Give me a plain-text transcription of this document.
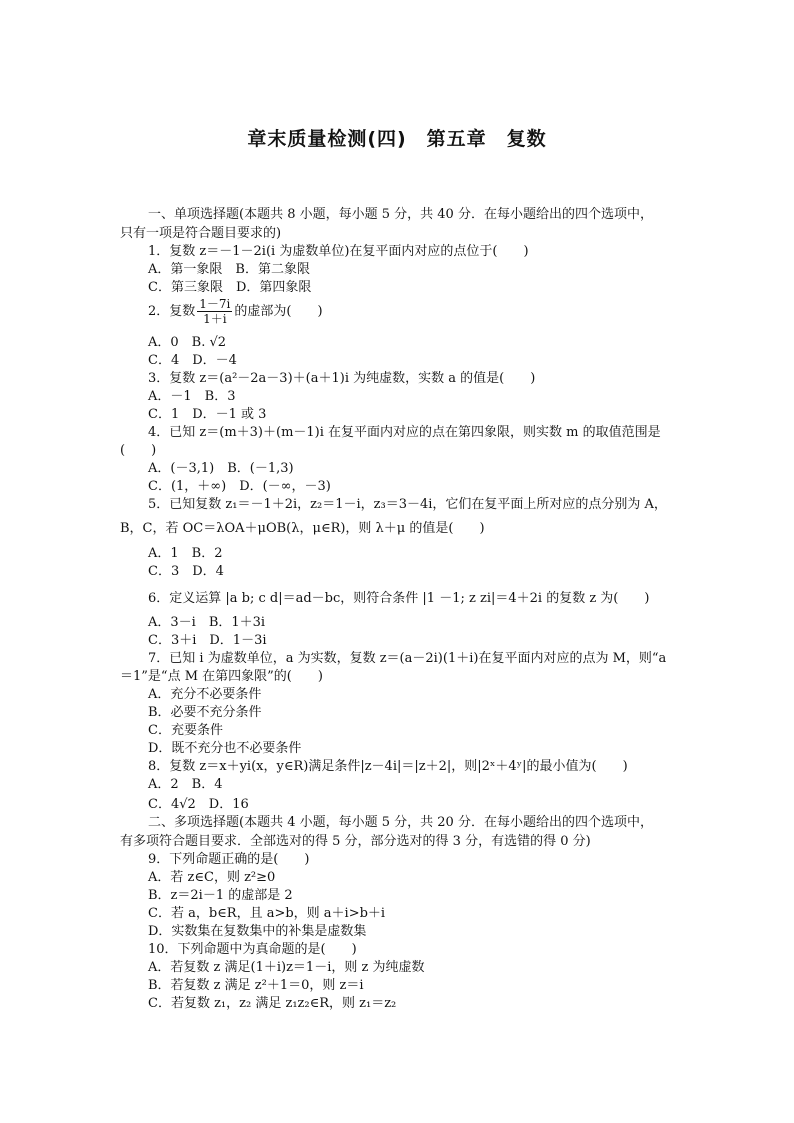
章末质量检测(四)　第五章　复数
一、单项选择题(本题共 8 小题，每小题 5 分，共 40 分．在每小题给出的四个选项中，
只有一项是符合题目要求的)
1．复数 z＝－1－2i(i 为虚数单位)在复平面内对应的点位于(　　)
A．第一象限　B．第二象限
C．第三象限　D．第四象限
2．复数 $\frac{1-7i}{1+i}$ 的虚部为(　　)
A．0　B. √2
C．4　D．－4
3．复数 z＝(a²－2a－3)＋(a＋1)i 为纯虚数，实数 a 的值是(　　)
A．－1　B．3
C．1　D．－1 或 3
4．已知 z＝(m＋3)＋(m－1)i 在复平面内对应的点在第四象限，则实数 m 的取值范围是
(　　)
A．(－3,1)　B．(－1,3)
C．(1，＋∞)　D．(－∞，－3)
5．已知复数 z₁＝－1＋2i，z₂＝1－i，z₃＝3－4i，它们在复平面上所对应的点分别为 A，
B，C，若 OC＝λOA＋μOB(λ，μ∈R)，则 λ＋μ 的值是(　　)
A．1　B．2
C．3　D．4
6．定义运算 |a b; c d|＝ad－bc，则符合条件 |1 －1; z zi|＝4＋2i 的复数 z 为(　　)
A．3－i　B．1＋3i
C．3＋i　D．1－3i
7．已知 i 为虚数单位，a 为实数，复数 z＝(a－2i)(1＋i)在复平面内对应的点为 M，则“a
＝1”是“点 M 在第四象限”的(　　)
A．充分不必要条件
B．必要不充分条件
C．充要条件
D．既不充分也不必要条件
8．复数 z＝x＋yi(x，y∈R)满足条件|z－4i|＝|z＋2|，则|2ˣ＋4ʸ|的最小值为(　　)
A．2　B．4
C．4√2　D．16
二、多项选择题(本题共 4 小题，每小题 5 分，共 20 分．在每小题给出的四个选项中，
有多项符合题目要求．全部选对的得 5 分，部分选对的得 3 分，有选错的得 0 分)
9．下列命题正确的是(　　)
A．若 z∈C，则 z²≥0
B．z＝2i－1 的虚部是 2
C．若 a，b∈R，且 a>b，则 a＋i>b＋i
D．实数集在复数集中的补集是虚数集
10．下列命题中为真命题的是(　　)
A．若复数 z 满足(1＋i)z＝1－i，则 z 为纯虚数
B．若复数 z 满足 z²＋1＝0，则 z＝i
C．若复数 z₁，z₂ 满足 z₁z₂∈R，则 z₁＝z₂
